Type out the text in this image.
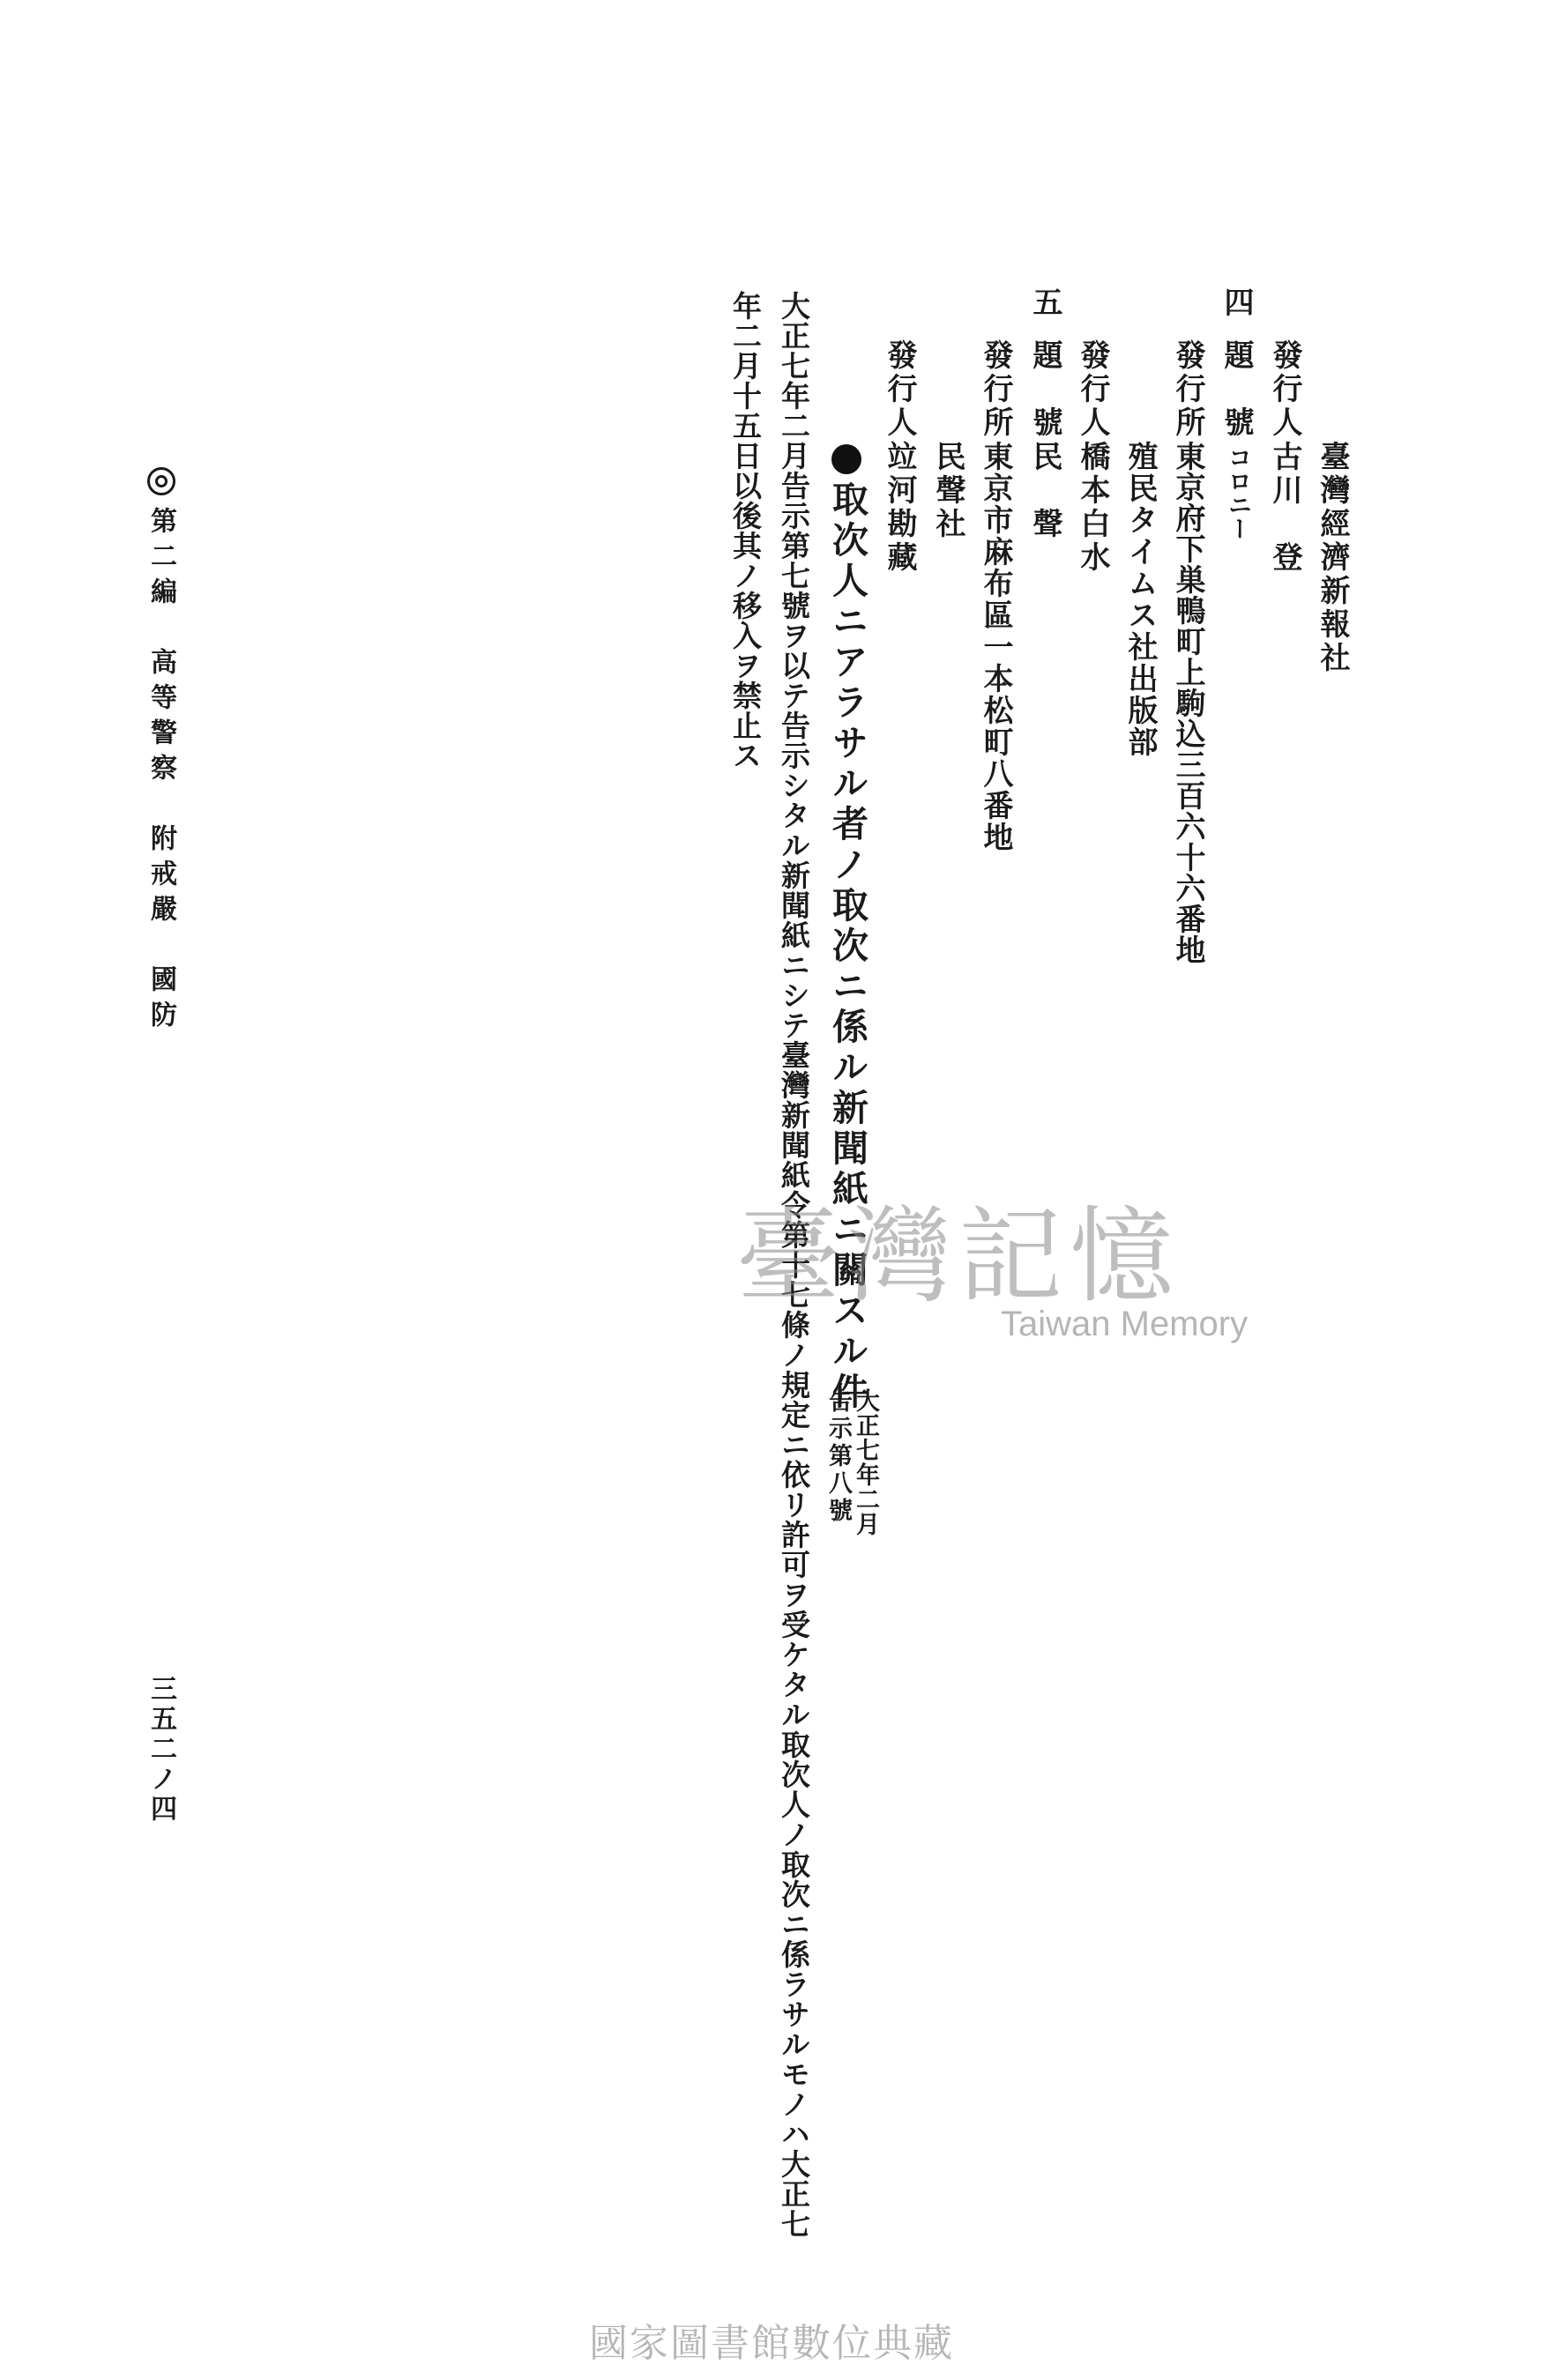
臺灣經濟新報社
發行人
古川　登
四
題　號
コロニー
發行所
東京府下巣鴨町上駒込三百六十六番地
殖民タイムス社出版部
發行人
橋本白水
五
題　號
民　聲
發行所
東京市麻布區一本松町八番地
民聲社
發行人
竝河勘藏
取次人ニアラサル者ノ取次ニ係ル新聞紙ニ關スル件
大正七年二月
告示第八號
大正七年二月告示第七號ヲ以テ告示シタル新聞紙ニシテ臺灣新聞紙令第十七條ノ規定ニ依リ許可ヲ受ケタル取次人ノ取次ニ係ラサルモノハ大正七
年二月十五日以後其ノ移入ヲ禁止ス
第二編　高等警察　附戒嚴　國防
三五二ノ四
臺灣記憶
Taiwan Memory
國家圖書館數位典藏
